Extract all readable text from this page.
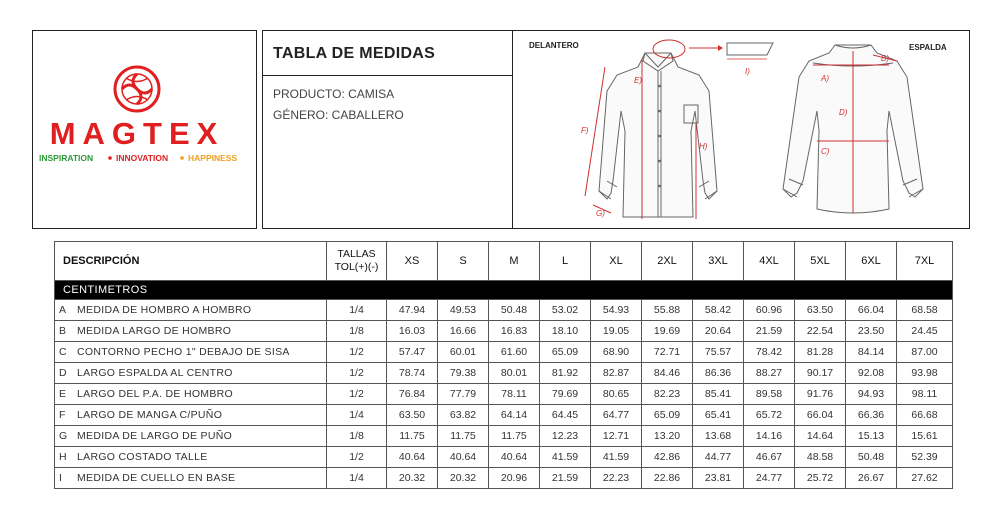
MAGTEX
INSPIRATION	INNOVATION HAPPINESS
TABLA DE MEDIDAS
PRODUCTO: CAMISA
GÉNERO: CABALLERO
DELANTERO	ESPALDA
I)
F)
G)
E)
H)
A)
B)
D)
C)
DESCRIPCIÓN	TALLAS
TOL(+)(-)	XS	S	M	L	XL	2XL	3XL	4XL	5XL	6XL	7XL
CENTIMETROS												
A MEDIDA DE HOMBRO A HOMBRO	1/4	47.94	49.53	50.48	53.02	54.93	55.88	58.42	60.96	63.50	66.04	68.58
B MEDIDA LARGO DE HOMBRO	1/8	16.03	16.66	16.83	18.10	19.05	19.69	20.64	21.59	22.54	23.50	24.45
C CONTORNO PECHO 1" DEBAJO DE SISA	1/2	57.47	60.01	61.60	65.09	68.90	72.71	75.57	78.42	81.28	84.14	87.00
D LARGO ESPALDA AL CENTRO	1/2	78.74	79.38	80.01	81.92	82.87	84.46	86.36	88.27	90.17	92.08	93.98
E LARGO DEL P.A. DE HOMBRO	1/2	76.84	77.79	78.11	79.69	80.65	82.23	85.41	89.58	91.76	94.93	98.11
F LARGO DE MANGA C/PUÑO	1/4	63.50	63.82	64.14	64.45	64.77	65.09	65.41	65.72	66.04	66.36	66.68
G MEDIDA DE LARGO DE PUÑO	1/8	11.75	11.75	11.75	12.23	12.71	13.20	13.68	14.16	14.64	15.13	15.61
H LARGO COSTADO TALLE	1/2	40.64	40.64	40.64	41.59	41.59	42.86	44.77	46.67	48.58	50.48	52.39
I MEDIDA DE CUELLO EN BASE	1/4	20.32	20.32	20.96	21.59	22.23	22.86	23.81	24.77	25.72	26.67	27.62
